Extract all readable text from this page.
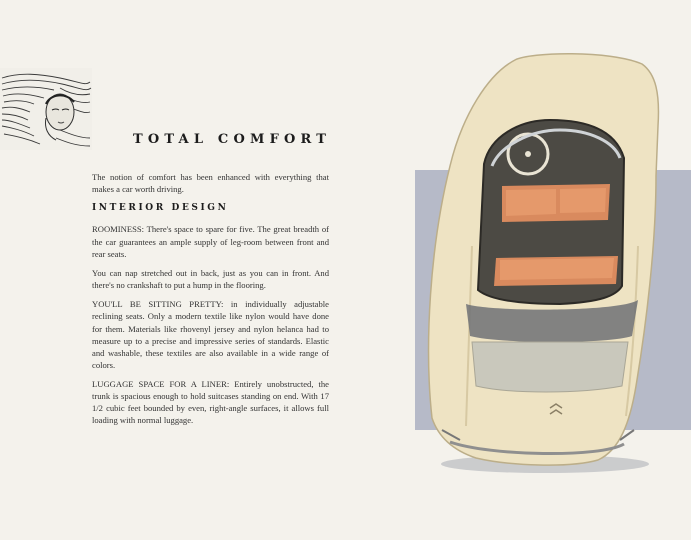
TOTAL COMFORT

The notion of comfort has been enhanced with everything that makes a car worth driving.

INTERIOR DESIGN

ROOMINESS: There's space to spare for five. The great breadth of the car guarantees an ample supply of leg-room between front and rear seats.

You can nap stretched out in back, just as you can in front. And there's no crankshaft to put a hump in the flooring.

YOU'LL BE SITTING PRETTY: in individually adjustable reclining seats. Only a modern textile like nylon would have done for them. Materials like rhovenyl jersey and nylon helanca had to measure up to a precise and impressive series of standards. Elastic and washable, these textiles are also available in a wide range of colors.

LUGGAGE SPACE FOR A LINER: Entirely unobstructed, the trunk is spacious enough to hold suitcases standing on end. With 17 1/2 cubic feet bounded by even, right-angle surfaces, it allows full loading with normal luggage.
